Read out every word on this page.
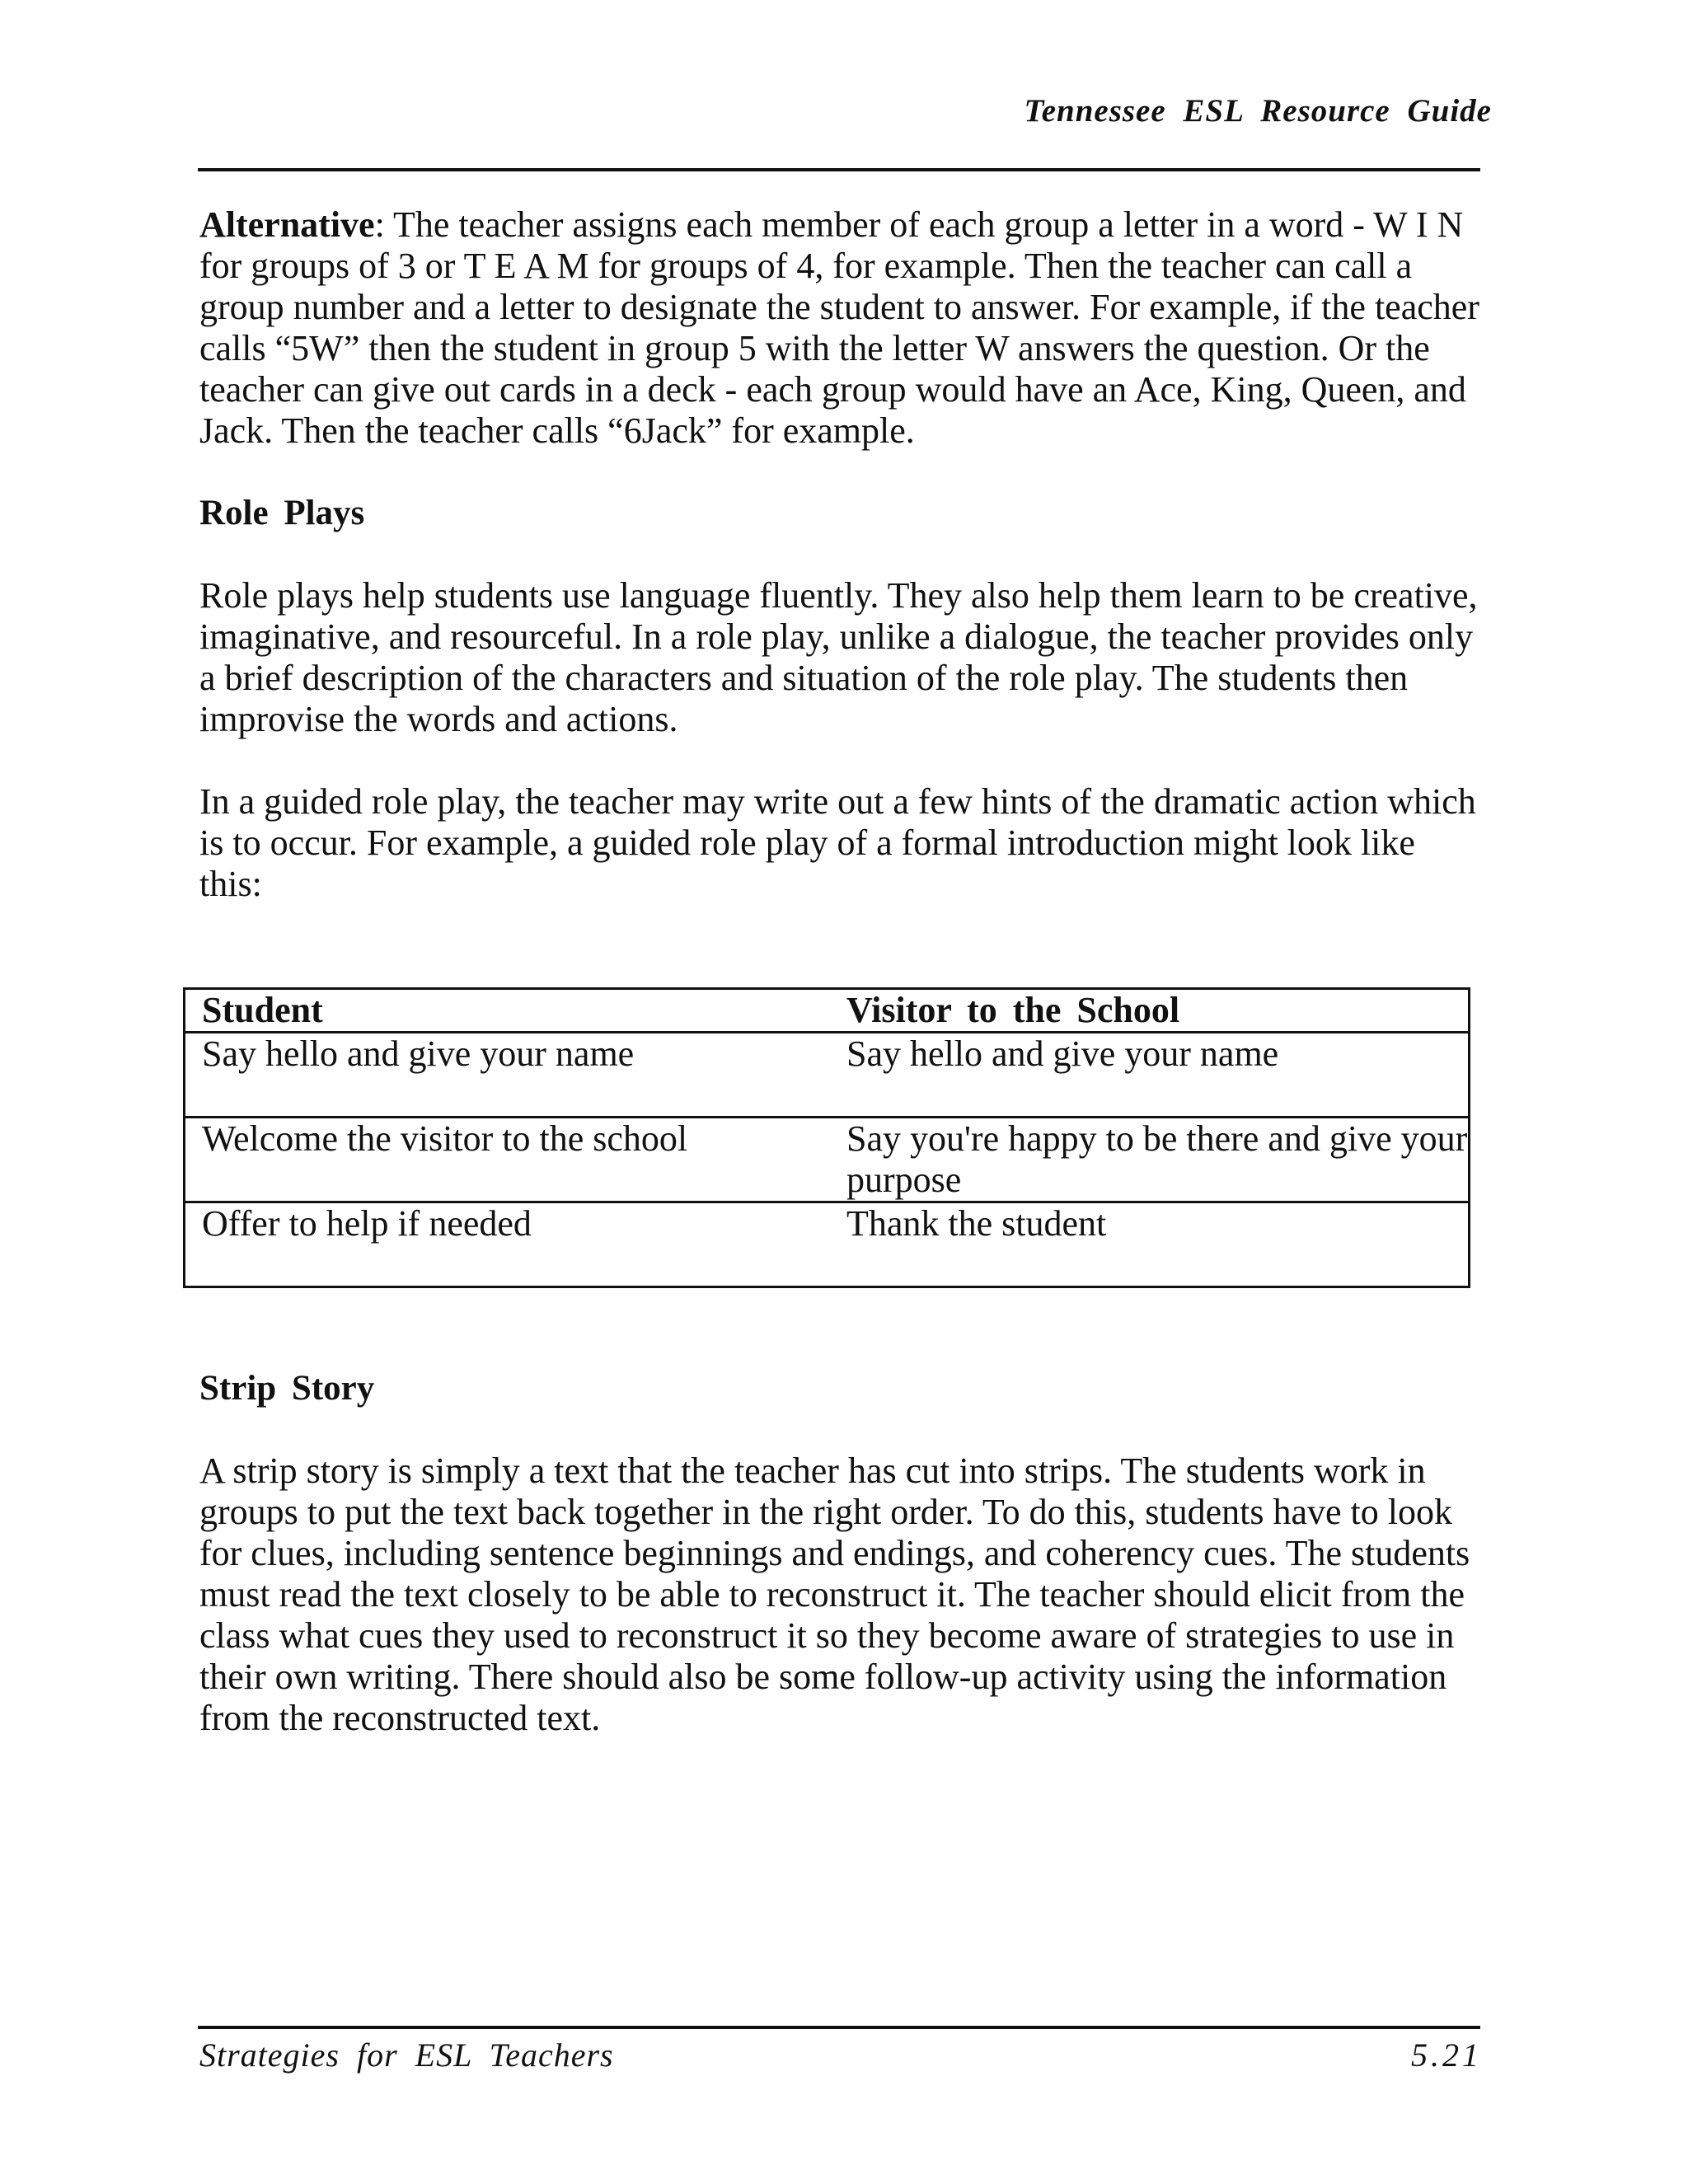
Tennessee ESL Resource Guide

Alternative: The teacher assigns each member of each group a letter in a word - W I N for groups of 3 or T E A M for groups of 4, for example. Then the teacher can call a group number and a letter to designate the student to answer. For example, if the teacher calls “5W” then the student in group 5 with the letter W answers the question. Or the teacher can give out cards in a deck - each group would have an Ace, King, Queen, and Jack. Then the teacher calls “6Jack” for example.

Role Plays

Role plays help students use language fluently. They also help them learn to be creative, imaginative, and resourceful. In a role play, unlike a dialogue, the teacher provides only a brief description of the characters and situation of the role play. The students then improvise the words and actions.

In a guided role play, the teacher may write out a few hints of the dramatic action which is to occur. For example, a guided role play of a formal introduction might look like this:

Student	Visitor to the School
Say hello and give your name	Say hello and give your name
Welcome the visitor to the school	Say you're happy to be there and give your purpose
Offer to help if needed	Thank the student
Strip Story

A strip story is simply a text that the teacher has cut into strips. The students work in groups to put the text back together in the right order. To do this, students have to look for clues, including sentence beginnings and endings, and coherency cues. The students must read the text closely to be able to reconstruct it. The teacher should elicit from the class what cues they used to reconstruct it so they become aware of strategies to use in their own writing. There should also be some follow-up activity using the information from the reconstructed text.

Strategies for ESL Teachers	5.21
